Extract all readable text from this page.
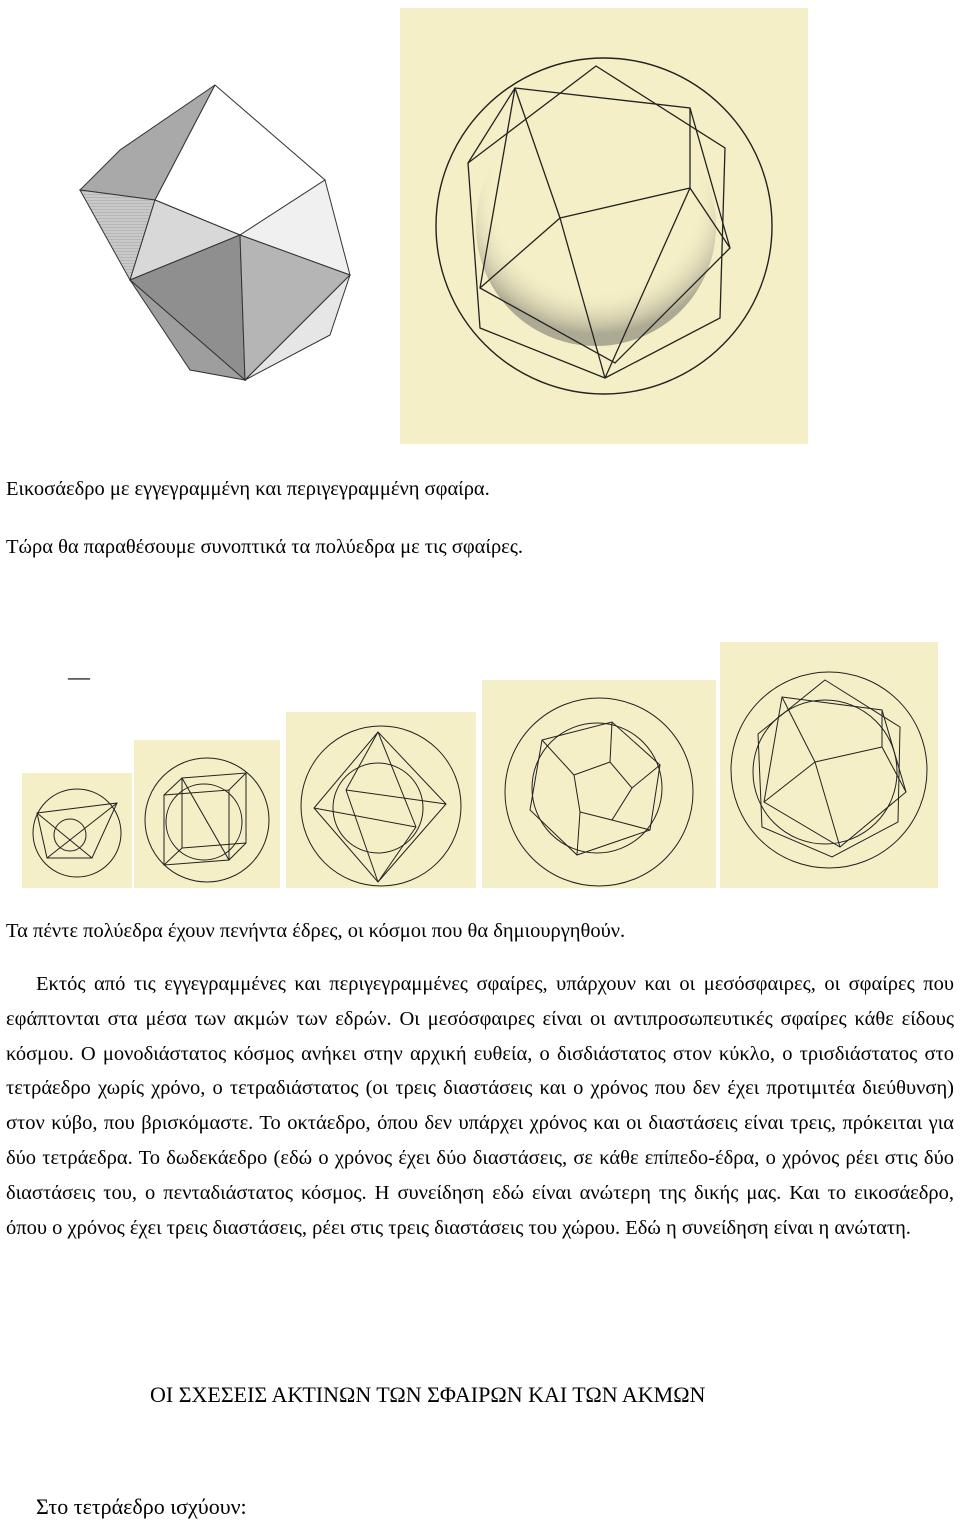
Εικοσάεδρο με εγγεγραμμένη και περιγεγραμμένη σφαίρα.
Τώρα θα παραθέσουμε συνοπτικά τα πολύεδρα με τις σφαίρες.
—
Τα πέντε πολύεδρα έχουν πενήντα έδρες, οι κόσμοι που θα δημιουργηθούν.
Εκτός από τις εγγεγραμμένες και περιγεγραμμένες σφαίρες, υπάρχουν και οι μεσόσφαιρες, οι σφαίρες που εφάπτονται στα μέσα των ακμών των εδρών. Οι μεσόσφαιρες είναι οι αντιπροσωπευτικές σφαίρες κάθε είδους κόσμου. Ο μονοδιάστατος κόσμος ανήκει στην αρχική ευθεία, ο δισδιάστατος στον κύκλο, ο τρισδιάστατος στο τετράεδρο χωρίς χρόνο, ο τετραδιάστατος (οι τρεις διαστάσεις και ο χρόνος που δεν έχει προτιμιτέα διεύθυνση) στον κύβο, που βρισκόμαστε. Το οκτάεδρο, όπου δεν υπάρχει χρόνος και οι διαστάσεις είναι τρεις, πρόκειται για δύο τετράεδρα. Το δωδεκάεδρο (εδώ ο χρόνος έχει δύο διαστάσεις, σε κάθε επίπεδο-έδρα, ο χρόνος ρέει στις δύο διαστάσεις του, ο πενταδιάστατος κόσμος. Η συνείδηση εδώ είναι ανώτερη της δικής μας. Και το εικοσάεδρο, όπου ο χρόνος έχει τρεις διαστάσεις, ρέει στις τρεις διαστάσεις του χώρου. Εδώ η συνείδηση είναι η ανώτατη.
ΟΙ ΣΧΕΣΕΙΣ ΑΚΤΙΝΩΝ ΤΩΝ ΣΦΑΙΡΩΝ ΚΑΙ ΤΩΝ ΑΚΜΩΝ
Στο τετράεδρο ισχύουν:
